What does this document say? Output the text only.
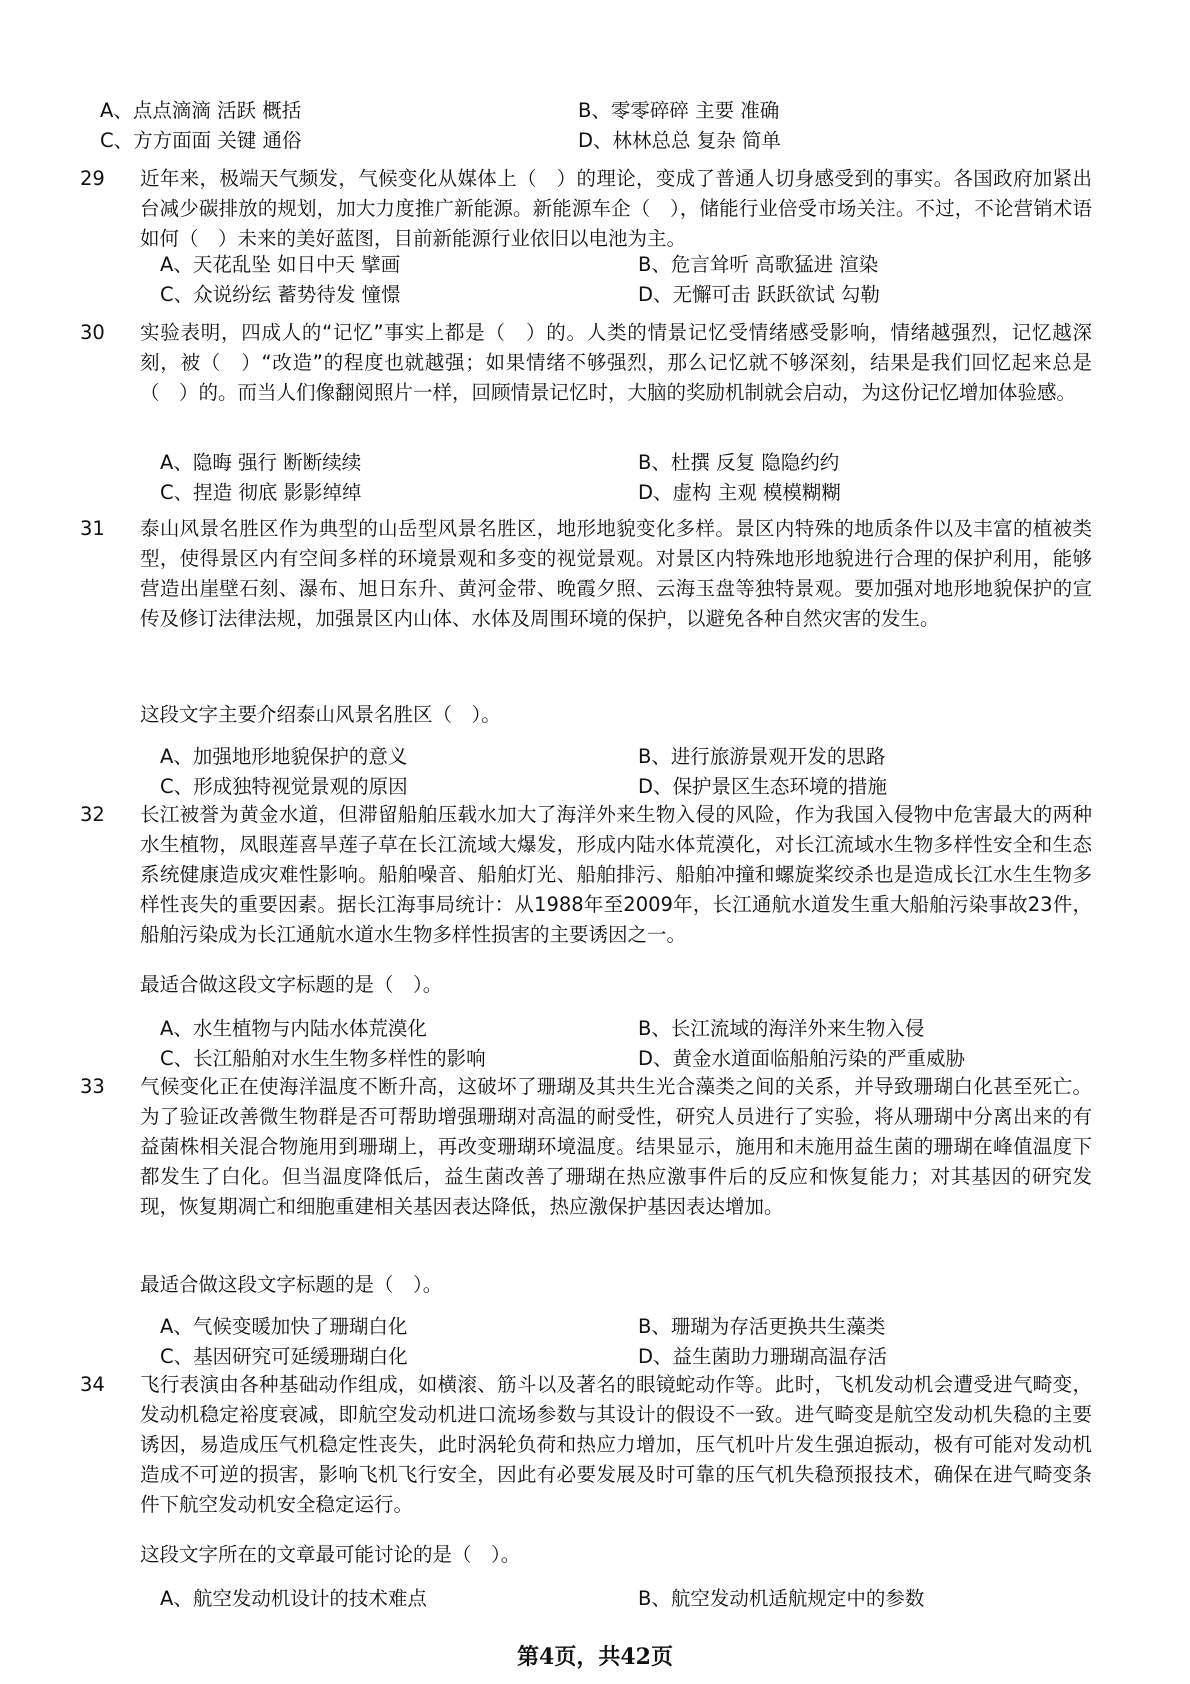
A、点点滴滴 活跃 概括	B、零零碎碎 主要 准确
C、方方面面 关键 通俗	D、林林总总 复杂 简单
29 近年来，极端天气频发，气候变化从媒体上（　）的理论，变成了普通人切身感受到的事实。各国政府加紧出台减少碳排放的规划，加大力度推广新能源。新能源车企（　），储能行业倍受市场关注。不过，不论营销术语如何（　）未来的美好蓝图，目前新能源行业依旧以电池为主。
A、天花乱坠 如日中天 擘画	B、危言耸听 高歌猛进 渲染
C、众说纷纭 蓄势待发 憧憬	D、无懈可击 跃跃欲试 勾勒
30 实验表明，四成人的“记忆”事实上都是（　）的。人类的情景记忆受情绪感受影响，情绪越强烈，记忆越深刻，被（　）“改造”的程度也就越强；如果情绪不够强烈，那么记忆就不够深刻，结果是我们回忆起来总是（　）的。而当人们像翻阅照片一样，回顾情景记忆时，大脑的奖励机制就会启动，为这份记忆增加体验感。
A、隐晦 强行 断断续续	B、杜撰 反复 隐隐约约
C、捏造 彻底 影影绰绰	D、虚构 主观 模模糊糊
31 泰山风景名胜区作为典型的山岳型风景名胜区，地形地貌变化多样。景区内特殊的地质条件以及丰富的植被类型，使得景区内有空间多样的环境景观和多变的视觉景观。对景区内特殊地形地貌进行合理的保护利用，能够营造出崖壁石刻、瀑布、旭日东升、黄河金带、晚霞夕照、云海玉盘等独特景观。要加强对地形地貌保护的宣传及修订法律法规，加强景区内山体、水体及周围环境的保护，以避免各种自然灾害的发生。
这段文字主要介绍泰山风景名胜区（　）。
A、加强地形地貌保护的意义	B、进行旅游景观开发的思路
C、形成独特视觉景观的原因	D、保护景区生态环境的措施
32 长江被誉为黄金水道，但滞留船舶压载水加大了海洋外来生物入侵的风险，作为我国入侵物中危害最大的两种水生植物，凤眼莲喜旱莲子草在长江流域大爆发，形成内陆水体荒漠化，对长江流域水生物多样性安全和生态系统健康造成灾难性影响。船舶噪音、船舶灯光、船舶排污、船舶冲撞和螺旋桨绞杀也是造成长江水生生物多样性丧失的重要因素。据长江海事局统计：从1988年至2009年，长江通航水道发生重大船舶污染事故23件，船舶污染成为长江通航水道水生物多样性损害的主要诱因之一。
最适合做这段文字标题的是（　）。
A、水生植物与内陆水体荒漠化	B、长江流域的海洋外来生物入侵
C、长江船舶对水生生物多样性的影响	D、黄金水道面临船舶污染的严重威胁
33 气候变化正在使海洋温度不断升高，这破坏了珊瑚及其共生光合藻类之间的关系，并导致珊瑚白化甚至死亡。为了验证改善微生物群是否可帮助增强珊瑚对高温的耐受性，研究人员进行了实验，将从珊瑚中分离出来的有益菌株相关混合物施用到珊瑚上，再改变珊瑚环境温度。结果显示，施用和未施用益生菌的珊瑚在峰值温度下都发生了白化。但当温度降低后，益生菌改善了珊瑚在热应激事件后的反应和恢复能力；对其基因的研究发现，恢复期凋亡和细胞重建相关基因表达降低，热应激保护基因表达增加。
最适合做这段文字标题的是（　）。
A、气候变暖加快了珊瑚白化	B、珊瑚为存活更换共生藻类
C、基因研究可延缓珊瑚白化	D、益生菌助力珊瑚高温存活
34 飞行表演由各种基础动作组成，如横滚、筋斗以及著名的眼镜蛇动作等。此时，飞机发动机会遭受进气畸变，发动机稳定裕度衰减，即航空发动机进口流场参数与其设计的假设不一致。进气畸变是航空发动机失稳的主要诱因，易造成压气机稳定性丧失，此时涡轮负荷和热应力增加，压气机叶片发生强迫振动，极有可能对发动机造成不可逆的损害，影响飞机飞行安全，因此有必要发展及时可靠的压气机失稳预报技术，确保在进气畸变条件下航空发动机安全稳定运行。
这段文字所在的文章最可能讨论的是（　）。
A、航空发动机设计的技术难点	B、航空发动机适航规定中的参数
第4页，共42页
